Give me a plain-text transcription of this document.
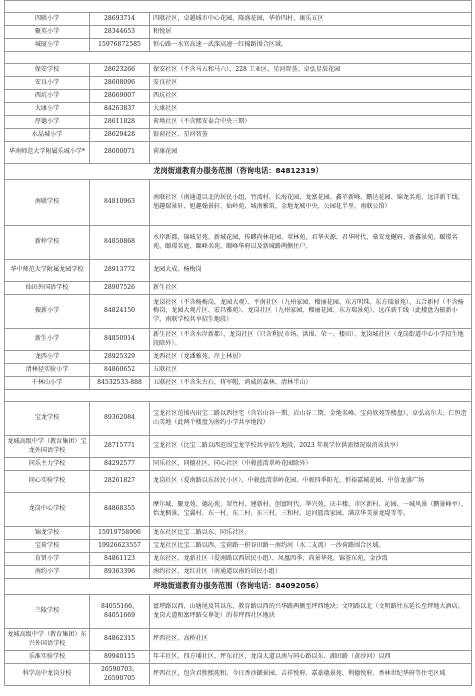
四联小学	28693714	四联社区，卓越城市中心花园、隆盛花园，华侨四村、康乐五区
聚英小学	28344653	和悦居
城厦小学	15976872585	恒心路一水官高速一武深高速一红棉路围合区域。

保安学校	28623266	保安社区（不含马五和马六）、228 工业区，星河智荟、卓弘星辰花园
安良小学	28608096	安良社区
西坑小学	28669007	西坑社区
大康小学	84263837	大康社区
厚德小学	28611828	荷坳社区（不含熙安泰合中央三期）
水晶城小学	28629428	银荷社区、星河智荟
华南师范大学附属乐城小学*	28600071	荷康花园
龙岗街道教育办服务范围（咨询电话：84812319）		
南联学校	84810963	南联社区（南通道以北的居民小组，竹湾村、长海花园、龙富花园、鑫苹新峰、鹏达花园、锦龙名苑、远洋新干线、旭趣瑞景轩、旭趣翰景轩、仙岭苑、城南雅筑、金地龙城中央、公园花半里，南联公馆）
新梓学校	84850868	水岸新都、锦城星苑、新城花园、传麒尚林花园、翠林苑、君华天源、君华时代、燊安龙樾府、新鑫景苑、颐璟名苑、颐璟名庭、颐峰名苑、颐峰华府以及新城路两侧住户。
华中师范大学附属龙园学校	28913772	龙园大成、杨梅岗
仙田外国语学校	28907526	新生社区
振新小学	84824150	龙岗社区（不含杨梅岗，龙园大观）、平南社区（九州家园、榴丽花园、东方明珠、东方瑞景苑）、五合新村（不含杨梅岗、龙园大观片区、宏昌雅苑）、龙岗社区（九州家园、榴丽花园、东方瑞景苑）、远洋新干线（此楼盘为振新小学、南联学校共享招生地段）
新生小学	84850914	新生社区（不含水岸新都）、龙岗社区（只含利民市场、洪围、荣一、楼田）、龙岗城社区（龙岗街道中心小学招生地段除外）。
龙西小学	28925329	龙西社区（龙潘雅苑、岸上林居）
清林径实验小学	84860652	五联社区
千林山小学	84532533-888	五联社区（不含朱古石、将军帽、鸿威的森林、清林半山）

宝龙学校	89362084	宝龙社区范围内出宝二路以西往宅（含岩山谷一期、岩山谷二期、金地名峰、宝荷欣苑等楼盘）、卓弘高尔夫、仁恒峦山美地（此两个楼盘为南约小学共享地段）
龙城高级中学（教育集团）宝龙外国语学校	28715771	宝龙社区（比宝二路以西范围宝龙学校共享招生地段，2023 年视学位供需情况取消该共享）
同乐主力学校	84292577	同乐社区、同德社区、同心社区（中骏蓝湾翠岭花园除外）
同心实验学校	28261827	龙岗社区（爱南路以东居民小区）、中骏蓝湾翠岭花园、中骏四季阳光、恒裕嘉城花园、中信龙盛广场
龙岗中心学校	84868355	摩尔城、聚龙苑、德沁苑、翠竹村、建新村、创富时代、华兴苑、庆丰楼、市区新村、沁园、一城风景（鹏景峰亭）、怡龙枫景、宝翼村、东一村、东二村、东三村、三和村、运河篮湾家园、满京华美景龙堤等等。
锦龙学校	15919758906	龙东社区比宝二路以东、同乐社区、
宝荷学校	19926623557	宝龙社区比宝二路以西、宝荷路一积谷田路一南约河（水二支流）一沙荷路围合区域。
育贤小学	84861123	龙东社区、龙新社区（爱南路以西居民小组）、凤凰四季、尚景华苑、锦荟东苑、金沙湾
南约小学	89363396	南约社区、龙红社区（南通道以南的居民小组）
坪地街道教育办服务范围（咨询电话：84092056）		
兰陵学校	84055166、84051669	富坪路以西，山塘尾及其以东，教育路以西的兴华路两侧至坪西地块；文明路以北（文明路往东延长至坪地大酒店、龙岗大道和富坪路交界处）的非坪西社区地块
龙城高级中学（教育集团）东兴外国语学校	84862315	坪西社区、高桥社区
乐淮实验学校	89940115	年丰社区、四方埔社区、坪东社区、龙岗大道以南与同心路以东、湖田路（黄沙河）以西
科学高中龙岗分校	26590703、26590705	坪西社区，包含君胜熙苑和、今日香沙御景园、吉祥悦府、嘉豪德景苑、利德悦府、香林世纪华府等住宅区域
